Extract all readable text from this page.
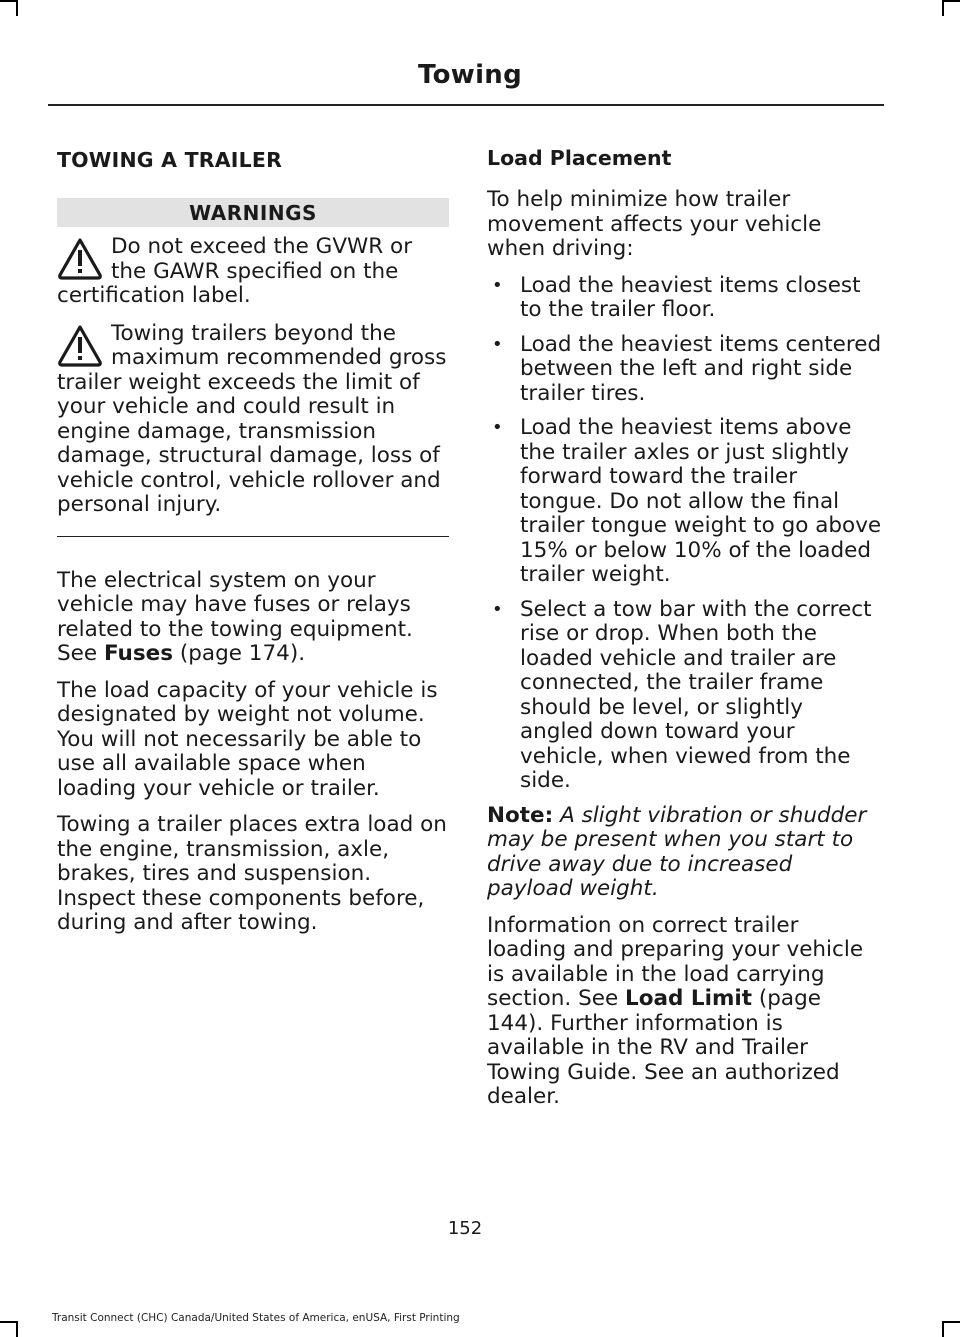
Towing
TOWING A TRAILER
WARNINGS
Do not exceed the GVWR or the GAWR specified on the certification label.
Towing trailers beyond the maximum recommended gross trailer weight exceeds the limit of your vehicle and could result in engine damage, transmission damage, structural damage, loss of vehicle control, vehicle rollover and personal injury.

The electrical system on your vehicle may have fuses or relays related to the towing equipment. See Fuses (page 174).

The load capacity of your vehicle is designated by weight not volume. You will not necessarily be able to use all available space when loading your vehicle or trailer.

Towing a trailer places extra load on the engine, transmission, axle, brakes, tires and suspension. Inspect these components before, during and after towing.

Load Placement

To help minimize how trailer movement affects your vehicle when driving:

• Load the heaviest items closest to the trailer floor.
• Load the heaviest items centered between the left and right side trailer tires.
• Load the heaviest items above the trailer axles or just slightly forward toward the trailer tongue. Do not allow the final trailer tongue weight to go above 15% or below 10% of the loaded trailer weight.
• Select a tow bar with the correct rise or drop. When both the loaded vehicle and trailer are connected, the trailer frame should be level, or slightly angled down toward your vehicle, when viewed from the side.

Note: A slight vibration or shudder may be present when you start to drive away due to increased payload weight.

Information on correct trailer loading and preparing your vehicle is available in the load carrying section. See Load Limit (page 144). Further information is available in the RV and Trailer Towing Guide. See an authorized dealer.

152
Transit Connect (CHC) Canada/United States of America, enUSA, First Printing
